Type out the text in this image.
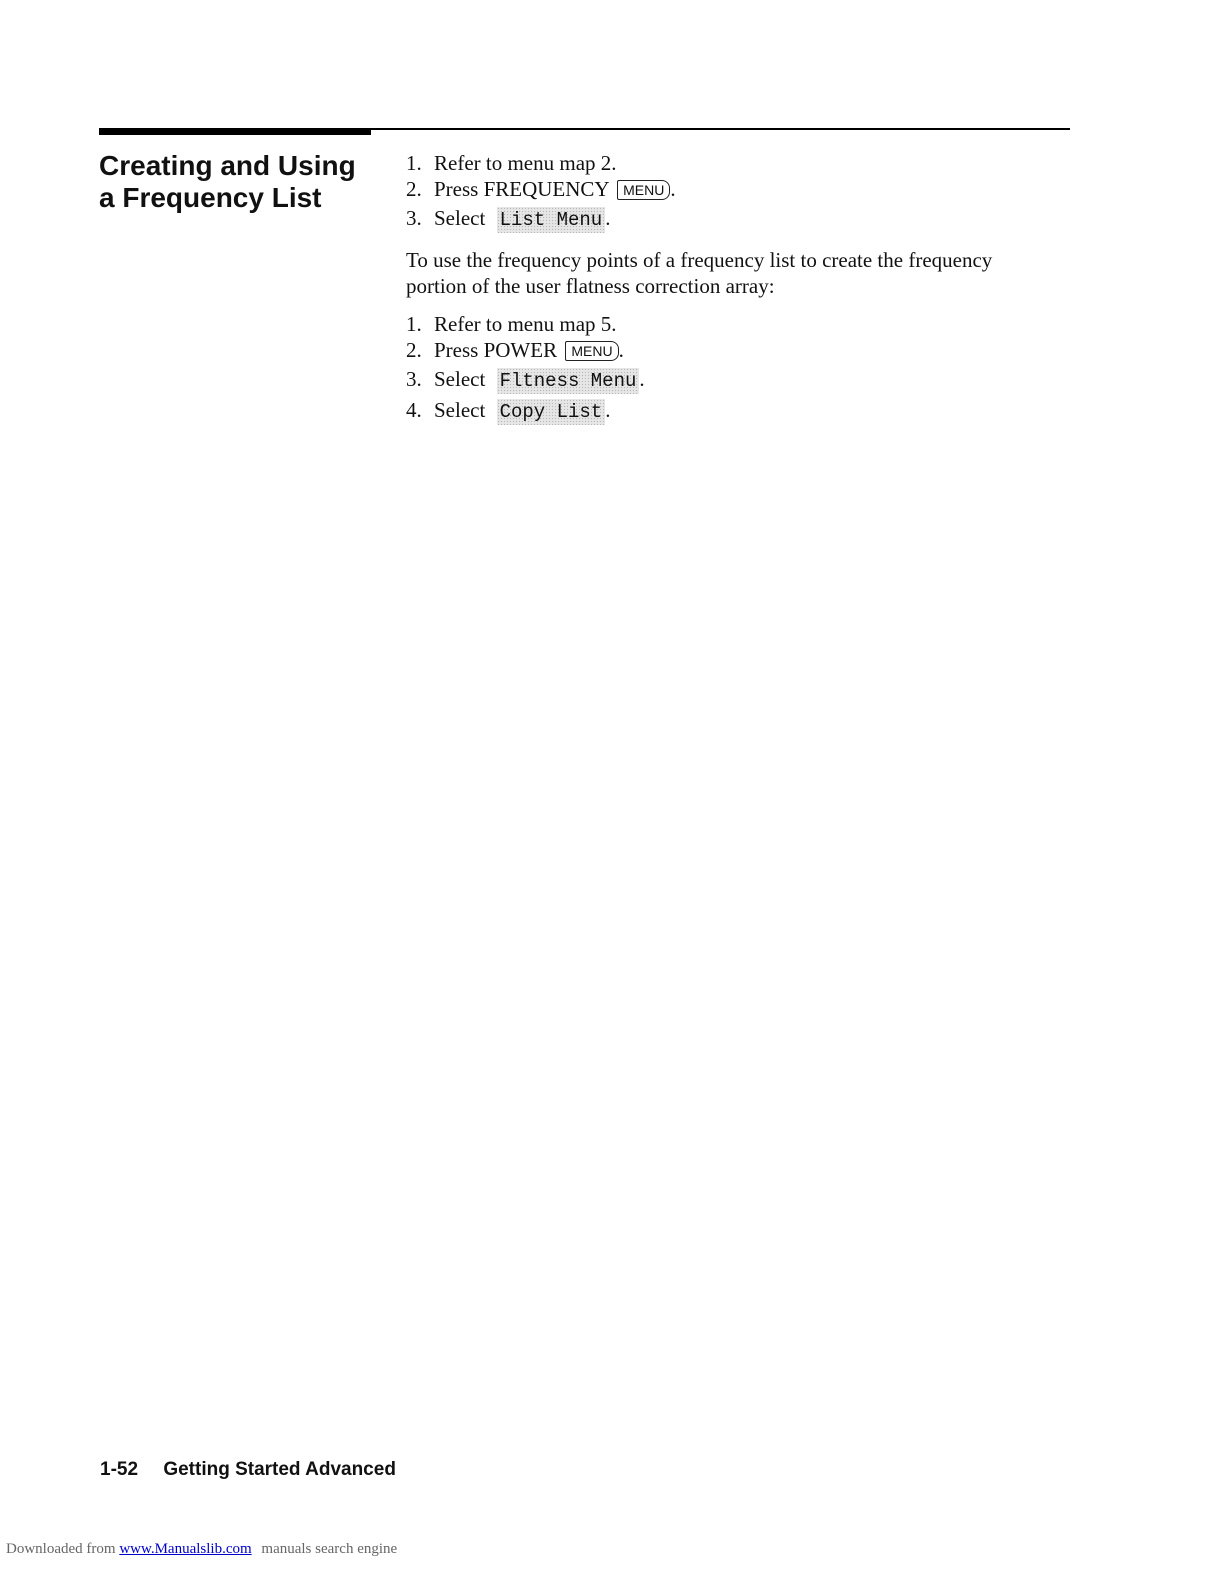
Creating and Using
a Frequency List
1. Refer to menu map 2.
2. Press FREQUENCY MENU .
3. Select List Menu .

To use the frequency points of a frequency list to create the frequency portion of the user flatness correction array:

1. Refer to menu map 5.
2. Press POWER MENU .
3. Select Fltness Menu .
4. Select Copy List .

1-52 Getting Started Advanced

Downloaded from www.Manualslib.com manuals search engine
